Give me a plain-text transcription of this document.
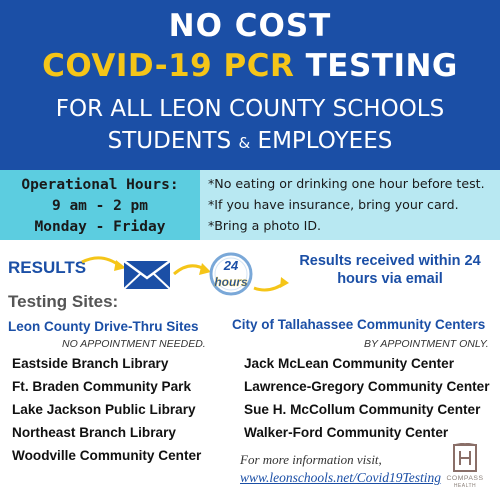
NO COST
COVID-19 PCR TESTING
FOR ALL LEON COUNTY SCHOOLS
STUDENTS & EMPLOYEES
Operational Hours:
9 am - 2 pm
Monday - Friday
*No eating or drinking one hour before test.
*If you have insurance, bring your card.
*Bring a photo ID.
RESULTS	24
hours
Results received within 24 hours via email
Testing Sites:
Leon County Drive-Thru Sites
NO APPOINTMENT NEEDED.
Eastside Branch Library
Ft. Braden Community Park
Lake Jackson Public Library
Northeast Branch Library
Woodville Community Center
City of Tallahassee Community Centers
BY APPOINTMENT ONLY.
Jack McLean Community Center
Lawrence-Gregory Community Center
Sue H. McCollum Community Center
Walker-Ford Community Center
For more information visit,
www.leonschools.net/Covid19Testing COMPASS
HEALTH
